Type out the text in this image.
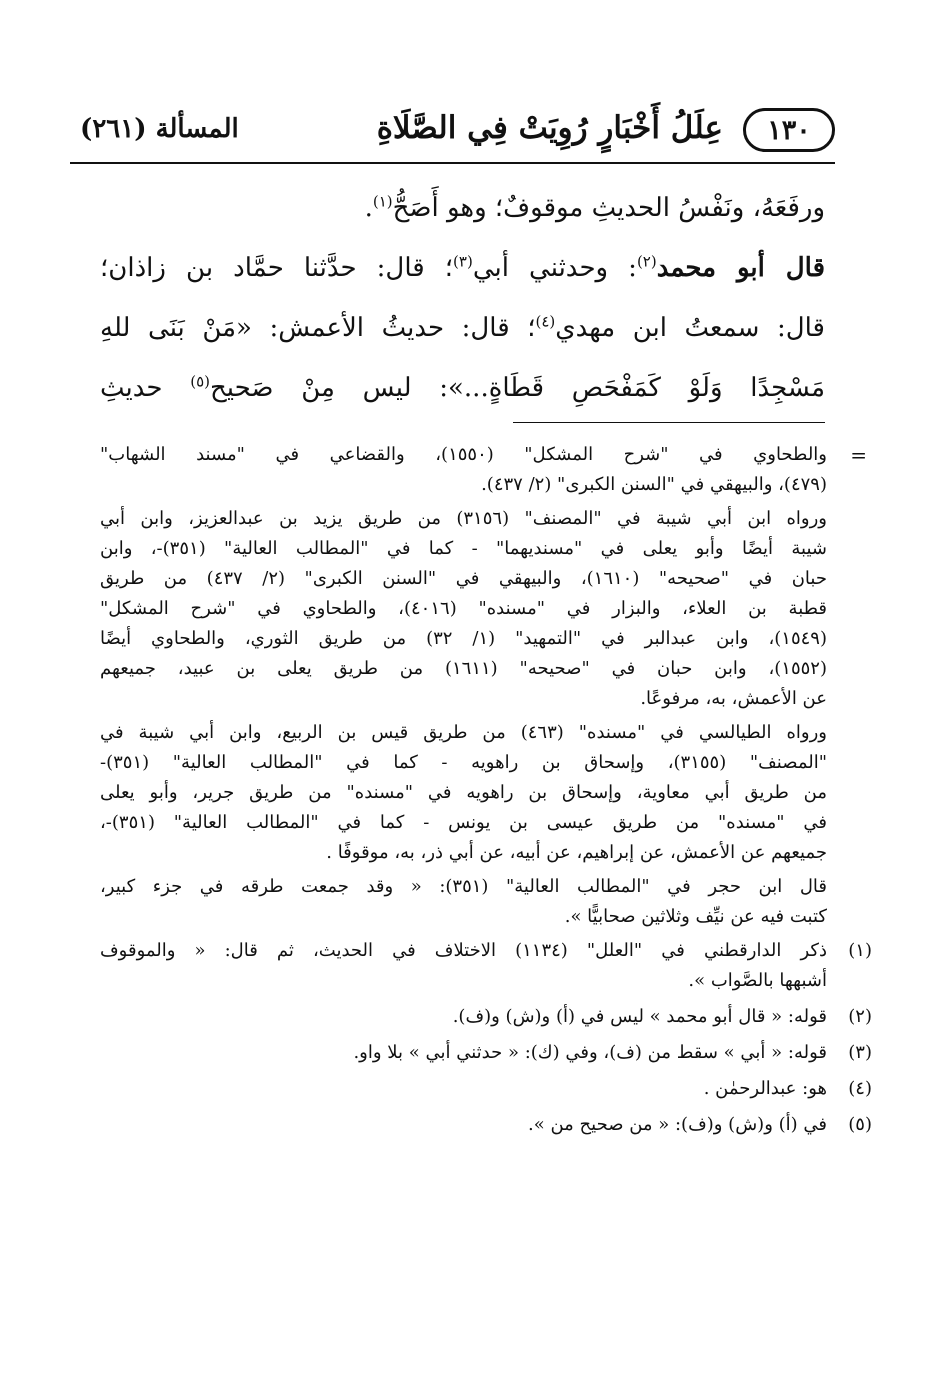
١٣٠
عِلَلُ أَخْبَارٍ رُوِيَتْ فِي الصَّلَاةِ
المسألة (٢٦١)
ورفَعَهُ، ونَفْسُ الحديثِ موقوفٌ؛ وهو أَصَحُّ$^{(١)}$.
قال أبو محمد$^{(٢)}$: وحدثني أبي$^{(٣)}$؛ قال: حدَّثنا حمَّاد بن زاذان؛
قال: سمعتُ ابن مهدي$^{(٤)}$؛ قال: حديثُ الأعمش: «مَنْ بَنَى للهِ
مَسْجِدًا وَلَوْ كَمَفْحَصِ قَطَاةٍ...»: ليس مِنْ صَحيح$^{(٥)}$ حديثِ
=
والطحاوي في "شرح المشكل" (١٥٥٠)، والقضاعي في "مسند الشهاب"
(٤٧٩)، والبيهقي في "السنن الكبرى" (٢/ ٤٣٧).
ورواه ابن أبي شيبة في "المصنف" (٣١٥٦) من طريق يزيد بن عبدالعزيز، وابن أبي
شيبة أيضًا وأبو يعلى في "مسنديهما" - كما في "المطالب العالية" (٣٥١)-، وابن
حبان في "صحيحه" (١٦١٠)، والبيهقي في "السنن الكبرى" (٢/ ٤٣٧) من طريق
قطبة بن العلاء، والبزار في "مسنده" (٤٠١٦)، والطحاوي في "شرح المشكل"
(١٥٤٩)، وابن عبدالبر في "التمهيد" (١/ ٣٢) من طريق الثوري، والطحاوي أيضًا
(١٥٥٢)، وابن حبان في "صحيحه" (١٦١١) من طريق يعلى بن عبيد، جميعهم
عن الأعمش، به، مرفوعًا.
ورواه الطيالسي في "مسنده" (٤٦٣) من طريق قيس بن الربيع، وابن أبي شيبة في
"المصنف" (٣١٥٥)، وإسحاق بن راهويه - كما في "المطالب العالية" (٣٥١)-
من طريق أبي معاوية، وإسحاق بن راهويه في "مسنده" من طريق جرير، وأبو يعلى
في "مسنده" من طريق عيسى بن يونس - كما في "المطالب العالية" (٣٥١)-،
جميعهم عن الأعمش، عن إبراهيم، عن أبيه، عن أبي ذر، به، موقوفًا .
قال ابن حجر في "المطالب العالية" (٣٥١): « وقد جمعت طرقه في جزء كبير،
كتبت فيه عن نيِّف وثلاثين صحابيًّا ».
(١)
ذكر الدارقطني في "العلل" (١١٣٤) الاختلاف في الحديث، ثم قال: « والموقوف
أشبهها بالصَّواب ».
(٢)
قوله: « قال أبو محمد » ليس في (أ) و(ش) و(ف).
(٣)
قوله: « أبي » سقط من (ف)، وفي (ك): « حدثني أبي » بلا واو.
(٤)
هو: عبدالرحمٰن .
(٥)
في (أ) و(ش) و(ف): « من صحيح من ».
